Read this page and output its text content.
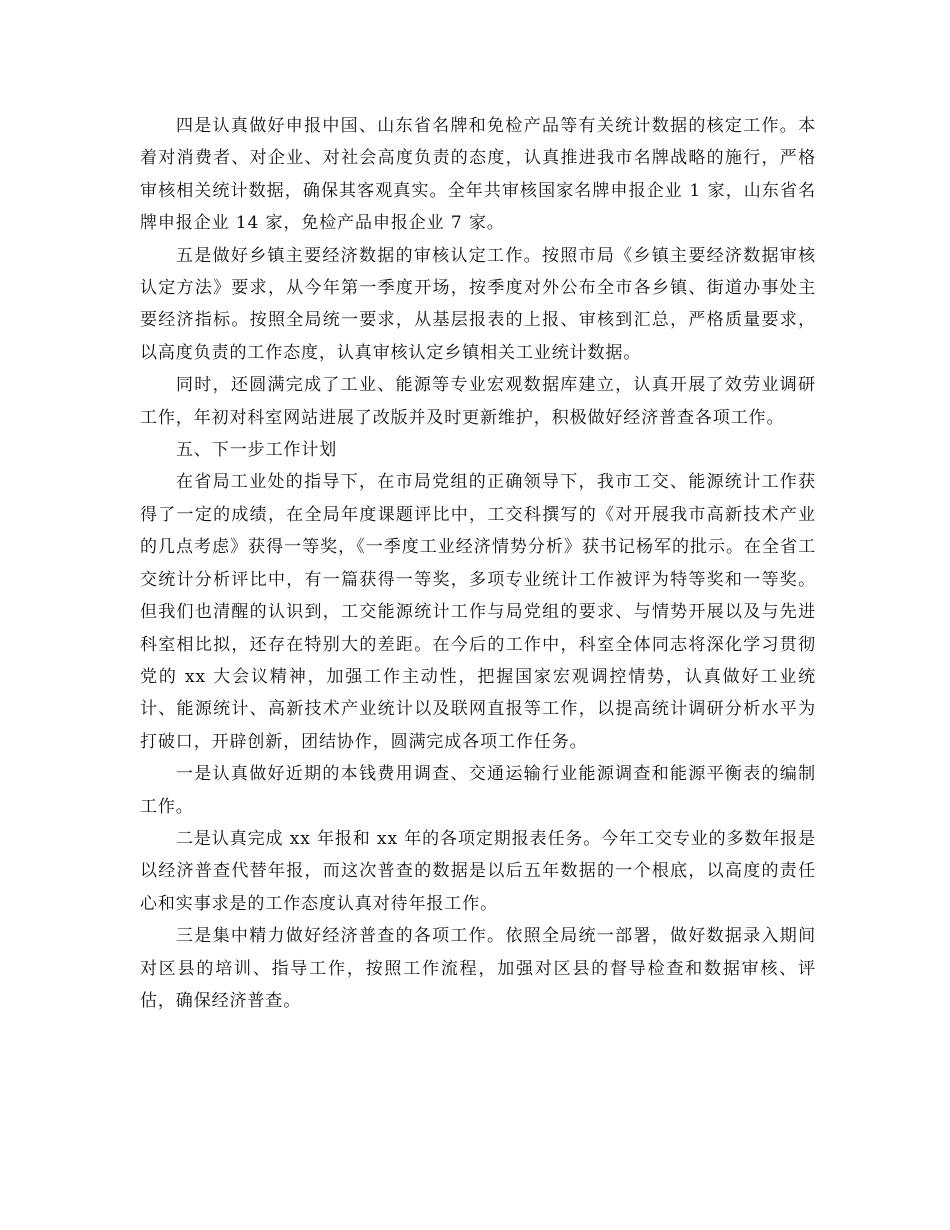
四是认真做好申报中国、山东省名牌和免检产品等有关统计数据的核定工作。本着对消费者、对企业、对社会高度负责的态度，认真推进我市名牌战略的施行，严格审核相关统计数据，确保其客观真实。全年共审核国家名牌申报企业 1 家，山东省名牌申报企业 14 家，免检产品申报企业 7 家。

五是做好乡镇主要经济数据的审核认定工作。按照市局《乡镇主要经济数据审核认定方法》要求，从今年第一季度开场，按季度对外公布全市各乡镇、街道办事处主要经济指标。按照全局统一要求，从基层报表的上报、审核到汇总，严格质量要求，以高度负责的工作态度，认真审核认定乡镇相关工业统计数据。

同时，还圆满完成了工业、能源等专业宏观数据库建立，认真开展了效劳业调研工作，年初对科室网站进展了改版并及时更新维护，积极做好经济普查各项工作。

五、下一步工作计划

在省局工业处的指导下，在市局党组的正确领导下，我市工交、能源统计工作获得了一定的成绩，在全局年度课题评比中，工交科撰写的《对开展我市高新技术产业的几点考虑》获得一等奖，《一季度工业经济情势分析》获书记杨军的批示。在全省工交统计分析评比中，有一篇获得一等奖，多项专业统计工作被评为特等奖和一等奖。但我们也清醒的认识到，工交能源统计工作与局党组的要求、与情势开展以及与先进科室相比拟，还存在特别大的差距。在今后的工作中，科室全体同志将深化学习贯彻党的 xx 大会议精神，加强工作主动性，把握国家宏观调控情势，认真做好工业统计、能源统计、高新技术产业统计以及联网直报等工作，以提高统计调研分析水平为打破口，开辟创新，团结协作，圆满完成各项工作任务。

一是认真做好近期的本钱费用调查、交通运输行业能源调查和能源平衡表的编制工作。

二是认真完成 xx 年报和 xx 年的各项定期报表任务。今年工交专业的多数年报是以经济普查代替年报，而这次普查的数据是以后五年数据的一个根底，以高度的责任心和实事求是的工作态度认真对待年报工作。

三是集中精力做好经济普查的各项工作。依照全局统一部署，做好数据录入期间对区县的培训、指导工作，按照工作流程，加强对区县的督导检查和数据审核、评估，确保经济普查。
